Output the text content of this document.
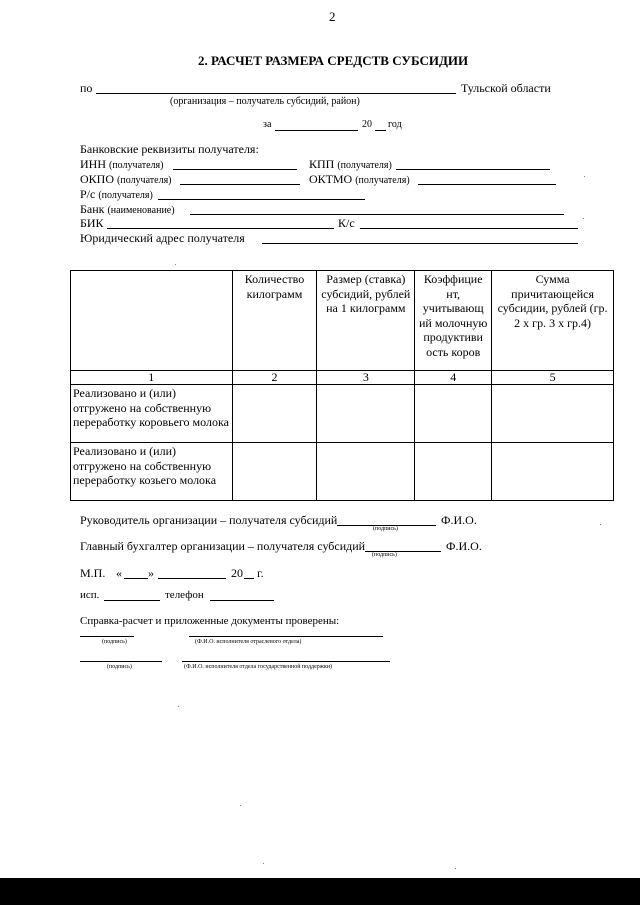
2
2. РАСЧЕТ РАЗМЕРА СРЕДСТВ СУБСИДИИ
по	Тульской области
(организация – получатель субсидий, район)
за	20 год
Банковские реквизиты получателя:
ИНН (получателя)	КПП (получателя)
ОКПО (получателя)	ОКТМО (получателя)
Р/с (получателя)
Банк (наименование)
БИК	К/с
Юридический адрес получателя
	Количество килограмм	Размер (ставка) субсидий, рублей на 1 килограмм	Коэффицие нт, учитывающ ий молочную продуктиви ость коров	Сумма причитающейся субсидии, рублей (гр. 2 х гр. 3 х гр.4)
1	2	3	4	5
Реализовано и (или) отгружено на собственную переработку коровьего молока				
Реализовано и (или) отгружено на собственную переработку козьего молока				
Руководитель организации – получателя субсидий	Ф.И.О.
(подпись)
Главный бухгалтер организации – получателя субсидий	Ф.И.О.
(подпись)
М.П. « »	20 г.
исп.	телефон
Справка-расчет и приложенные документы проверены:
(подпись)	(Ф.И.О. исполнителя отраслевого отдела)
(подпись)	(Ф.И.О. исполнителя отдела государственной поддержки)
